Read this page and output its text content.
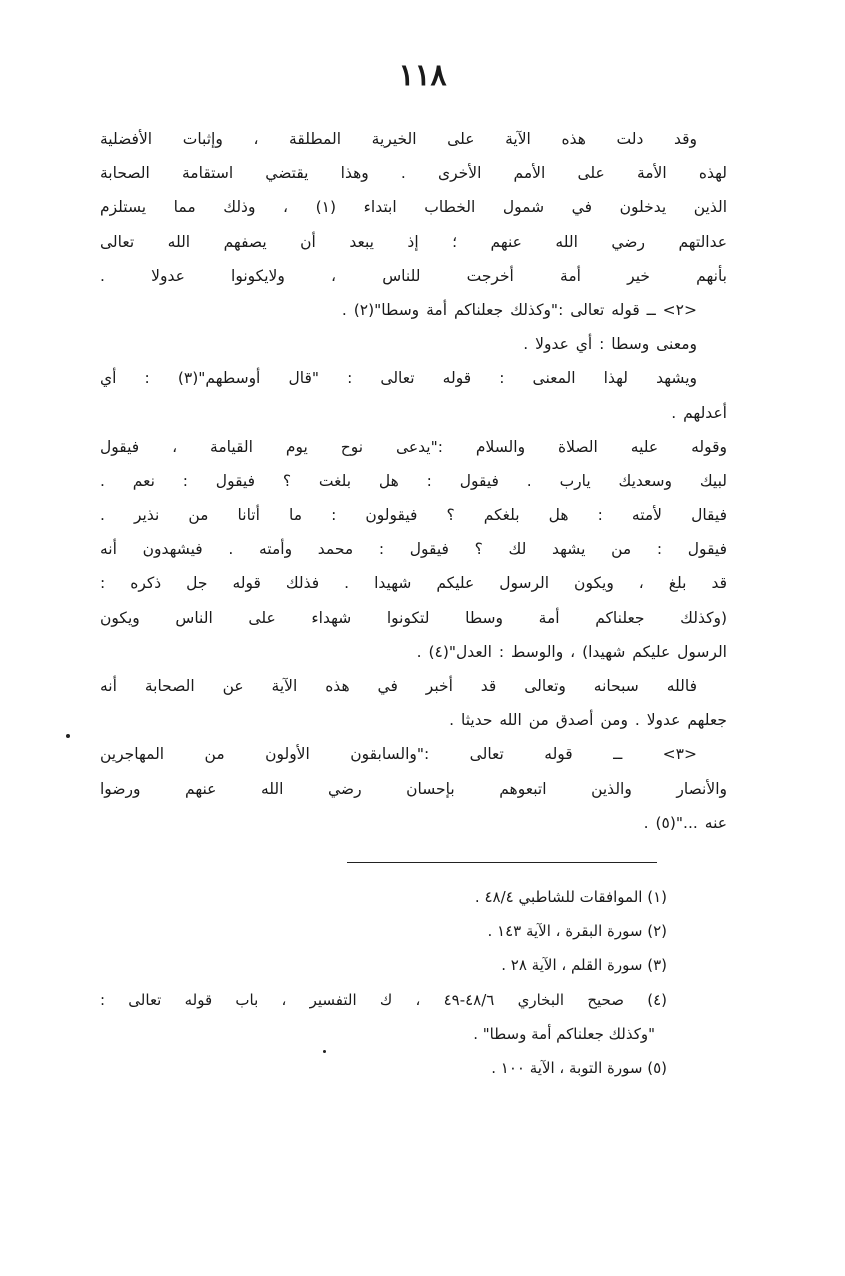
١١٨
وقد دلت هذه الآية على الخيرية المطلقة ، وإثبات الأفضلية
لهذه الأمة على الأمم الأخرى . وهذا يقتضي استقامة الصحابة
الذين يدخلون في شمول الخطاب ابتداء (١) ، وذلك مما يستلزم
عدالتهم رضي الله عنهم ؛ إذ يبعد أن يصفهم الله تعالى
بأنهم خير أمة أخرجت للناس ، ولايكونوا عدولا .
<٢> ــ قوله تعالى :"وكذلك جعلناكم أمة وسطا"(٢) .
ومعنى وسطا : أي عدولا .
ويشهد لهذا المعنى : قوله تعالى : "قال أوسطهم"(٣) : أي
أعدلهم .
وقوله عليه الصلاة والسلام :"يدعى نوح يوم القيامة ، فيقول
لبيك وسعديك يارب . فيقول : هل بلغت ؟ فيقول : نعم .
فيقال لأمته : هل بلغكم ؟ فيقولون : ما أتانا من نذير .
فيقول : من يشهد لك ؟ فيقول : محمد وأمته . فيشهدون أنه
قد بلغ ، ويكون الرسول عليكم شهيدا . فذلك قوله جل ذكره :
(وكذلك جعلناكم أمة وسطا لتكونوا شهداء على الناس ويكون
الرسول عليكم شهيدا) ، والوسط : العدل"(٤) .
فالله سبحانه وتعالى قد أخبر في هذه الآية عن الصحابة أنه
جعلهم عدولا . ومن أصدق من الله حديثا .
<٣> ــ قوله تعالى :"والسابقون الأولون من المهاجرين
والأنصار والذين اتبعوهم بإحسان رضي الله عنهم ورضوا
عنه ..."(٥) .
(١) الموافقات للشاطبي ٤٨/٤ .
(٢) سورة البقرة ، الآية ١٤٣ .
(٣) سورة القلم ، الآية ٢٨ .
(٤) صحيح البخاري ٤٨/٦-٤٩ ، ك التفسير ، باب قوله تعالى :
"وكذلك جعلناكم أمة وسطا" .
(٥) سورة التوبة ، الآية ١٠٠ .
